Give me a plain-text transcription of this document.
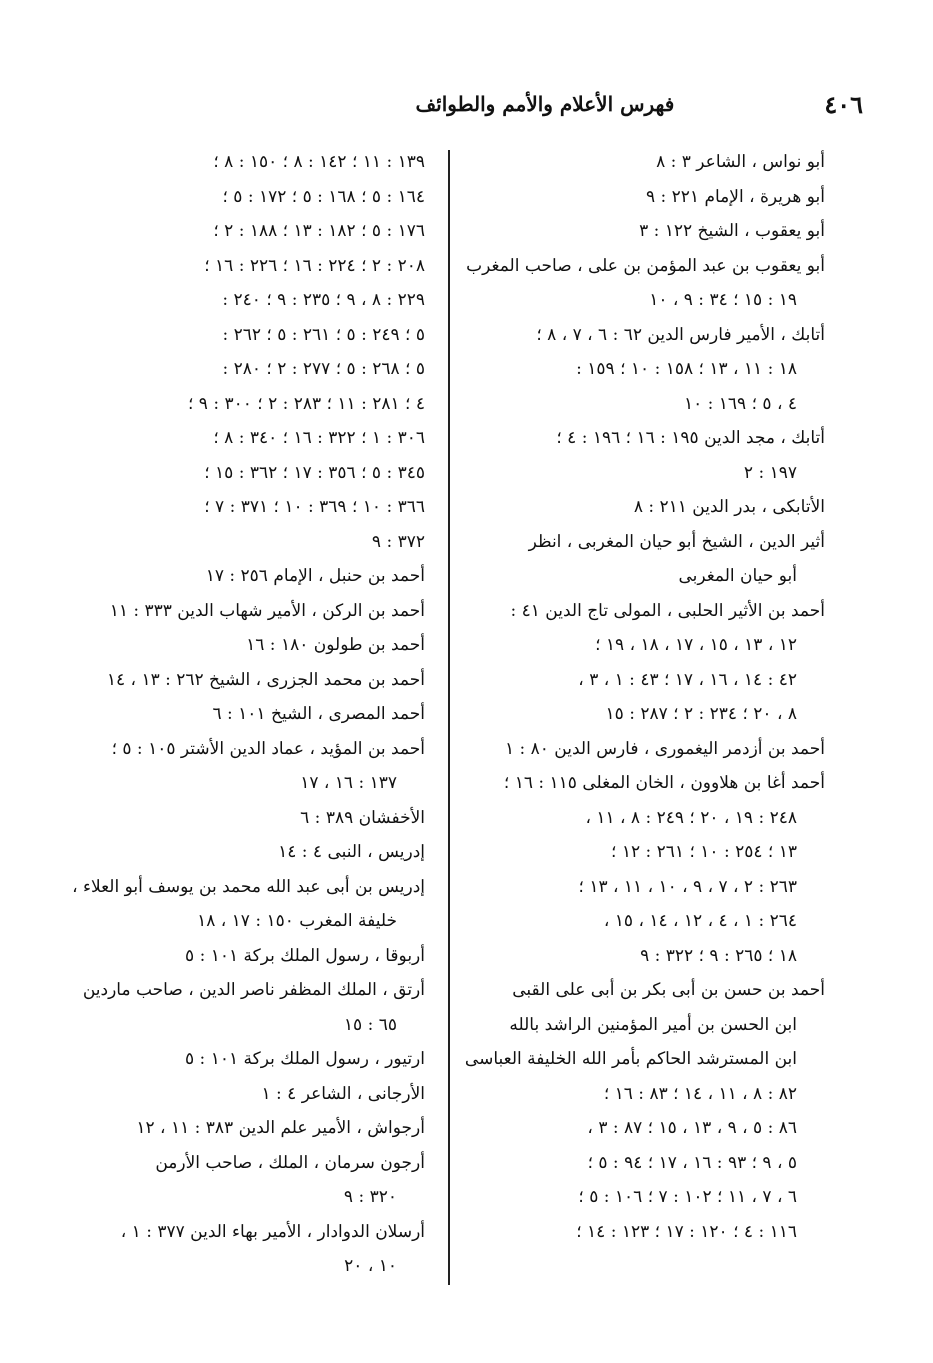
٤٠٦
فهرس الأعلام والأمم والطوائف
أبو نواس ، الشاعر ٣ : ٨
أبو هريرة ، الإمام ٢٢١ : ٩
أبو يعقوب ، الشيخ ١٢٢ : ٣
أبو يعقوب بن عبد المؤمن بن على ، صاحب المغرب
١٩ : ١٥ ؛ ٣٤ : ٩ ، ١٠
أتابك ، الأمير فارس الدين ٦٢ : ٦ ، ٧ ، ٨ ؛
١٨ : ١١ ، ١٣ ؛ ١٥٨ : ١٠ ؛ ١٥٩ :
٤ ، ٥ ؛ ١٦٩ : ١٠
أتابك ، مجد الدين ١٩٥ : ١٦ ؛ ١٩٦ : ٤ ؛
١٩٧ : ٢
الأتابكى ، بدر الدين ٢١١ : ٨
أثير الدين ، الشيخ أبو حيان المغربى ، انظر
أبو حيان المغربى
أحمد بن الأثير الحلبى ، المولى تاج الدين ٤١ :
١٢ ، ١٣ ، ١٥ ، ١٧ ، ١٨ ، ١٩ ؛
٤٢ : ١٤ ، ١٦ ، ١٧ ؛ ٤٣ : ١ ، ٣ ،
٨ ، ٢٠ ؛ ٢٣٤ : ٢ ؛ ٢٨٧ : ١٥
أحمد بن أزدمر اليغمورى ، فارس الدين ٨٠ : ١
أحمد أغا بن هلاوون ، الخان المغلى ١١٥ : ١٦ ؛
٢٤٨ : ١٩ ، ٢٠ ؛ ٢٤٩ : ٨ ، ١١ ،
١٣ ؛ ٢٥٤ : ١٠ ؛ ٢٦١ : ١٢ ؛
٢٦٣ : ٢ ، ٧ ، ٩ ، ١٠ ، ١١ ، ١٣ ؛
٢٦٤ : ١ ، ٤ ، ١٢ ، ١٤ ، ١٥ ،
١٨ ؛ ٢٦٥ : ٩ ؛ ٣٢٢ : ٩
أحمد بن حسن بن أبى بكر بن أبى على القبى
ابن الحسن بن أمير المؤمنين الراشد بالله
ابن المسترشد الحاكم بأمر الله الخليفة العباسى
٨٢ : ٨ ، ١١ ، ١٤ ؛ ٨٣ : ١٦ ؛
٨٦ : ٥ ، ٩ ، ١٣ ، ١٥ ؛ ٨٧ : ٣ ،
٥ ، ٩ ؛ ٩٣ : ١٦ ، ١٧ ؛ ٩٤ : ٥ ؛
٦ ، ٧ ، ١١ ؛ ١٠٢ : ٧ ؛ ١٠٦ : ٥ ؛
١١٦ : ٤ ؛ ١٢٠ : ١٧ ؛ ١٢٣ : ١٤ ؛
١٣٩ : ١١ ؛ ١٤٢ : ٨ ؛ ١٥٠ : ٨ ؛
١٦٤ : ٥ ؛ ١٦٨ : ٥ ؛ ١٧٢ : ٥ ؛
١٧٦ : ٥ ؛ ١٨٢ : ١٣ ؛ ١٨٨ : ٢ ؛
٢٠٨ : ٢ ؛ ٢٢٤ : ١٦ ؛ ٢٢٦ : ١٦ ؛
٢٢٩ : ٨ ، ٩ ؛ ٢٣٥ : ٩ ؛ ٢٤٠ :
٥ ؛ ٢٤٩ : ٥ ؛ ٢٦١ : ٥ ؛ ٢٦٢ :
٥ ؛ ٢٦٨ : ٥ ؛ ٢٧٧ : ٢ ؛ ٢٨٠ :
٤ ؛ ٢٨١ : ١١ ؛ ٢٨٣ : ٢ ؛ ٣٠٠ : ٩ ؛
٣٠٦ : ١ ؛ ٣٢٢ : ١٦ ؛ ٣٤٠ : ٨ ؛
٣٤٥ : ٥ ؛ ٣٥٦ : ١٧ ؛ ٣٦٢ : ١٥ ؛
٣٦٦ : ١٠ ؛ ٣٦٩ : ١٠ ؛ ٣٧١ : ٧ ؛
٣٧٢ : ٩
أحمد بن حنبل ، الإمام ٢٥٦ : ١٧
أحمد بن الركن ، الأمير شهاب الدين ٣٣٣ : ١١
أحمد بن طولون ١٨٠ : ١٦
أحمد بن محمد الجزرى ، الشيخ ٢٦٢ : ١٣ ، ١٤
أحمد المصرى ، الشيخ ١٠١ : ٦
أحمد بن المؤيد ، عماد الدين الأشتر ١٠٥ : ٥ ؛
١٣٧ : ١٦ ، ١٧
الأخفشان ٣٨٩ : ٦
إدريس ، النبى ٤ : ١٤
إدريس بن أبى عبد الله محمد بن يوسف أبو العلاء ،
خليفة المغرب ١٥٠ : ١٧ ، ١٨
أربوقا ، رسول الملك بركة ١٠١ : ٥
أرتق ، الملك المظفر ناصر الدين ، صاحب ماردين
٦٥ : ١٥
ارتيور ، رسول الملك بركة ١٠١ : ٥
الأرجانى ، الشاعر ٤ : ١
أرجواش ، الأمير علم الدين ٣٨٣ : ١١ ، ١٢
أرجون سرمان ، الملك ، صاحب الأرمن
٣٢٠ : ٩
أرسلان الدوادار ، الأمير بهاء الدين ٣٧٧ : ١ ،
١٠ ، ٢٠
